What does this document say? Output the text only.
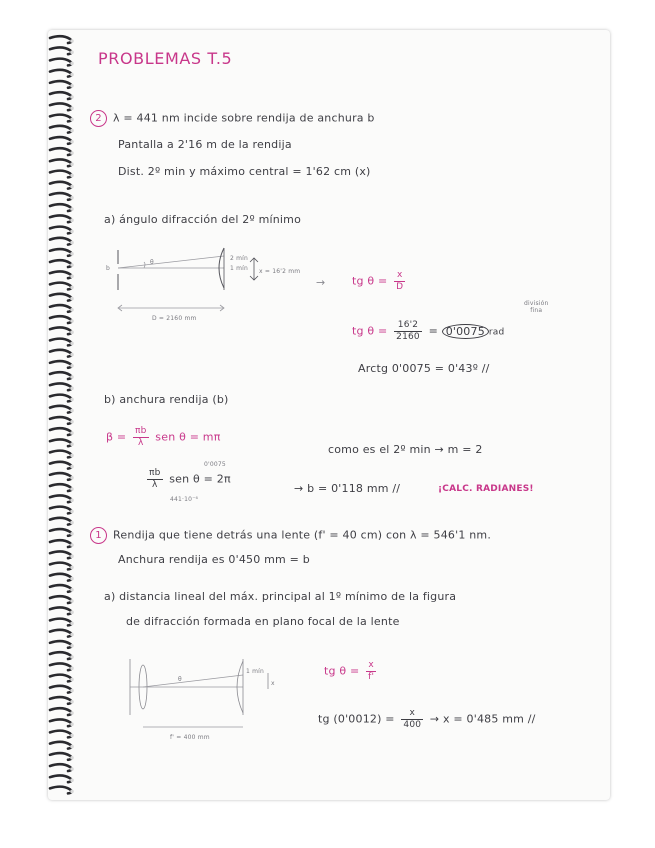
PROBLEMAS T.5
2 λ = 441 nm incide sobre rendija de anchura b
Pantalla a 2'16 m de la rendija
Dist. 2º min y máximo central = 1'62 cm (x)
a) ángulo difracción del 2º mínimo
b
θ
2 mín
1 mín x = 16'2 mm
D = 2160 mm
→ tg $\theta = \frac{x}{D}$
división
fina
tg $\theta = \frac{16'2}{2160} = 0'0075$ rad
Arctg 0'0075 = 0'43º //
b) anchura rendija (b)
$\beta = \frac{\pi b}{\lambda}$ sen θ = mπ
como es el 2º min → m = 2
0'0075
$\frac{\pi b}{\lambda}$ sen θ = 2π
441·10⁻⁶
→ b = 0'118 mm //	¡CALC. RADIANES!
1 Rendija que tiene detrás una lente (f' = 40 cm) con λ = 546'1 nm.
Anchura rendija es 0'450 mm = b
a) distancia lineal del máx. principal al 1º mínimo de la figura
de difracción formada en plano focal de la lente
θ
1 mín
x
f' = 400 mm
tg $\theta = \frac{x}{f'}$
tg $(0'0012) = \frac{x}{400} \to x = 0'485$ mm //
